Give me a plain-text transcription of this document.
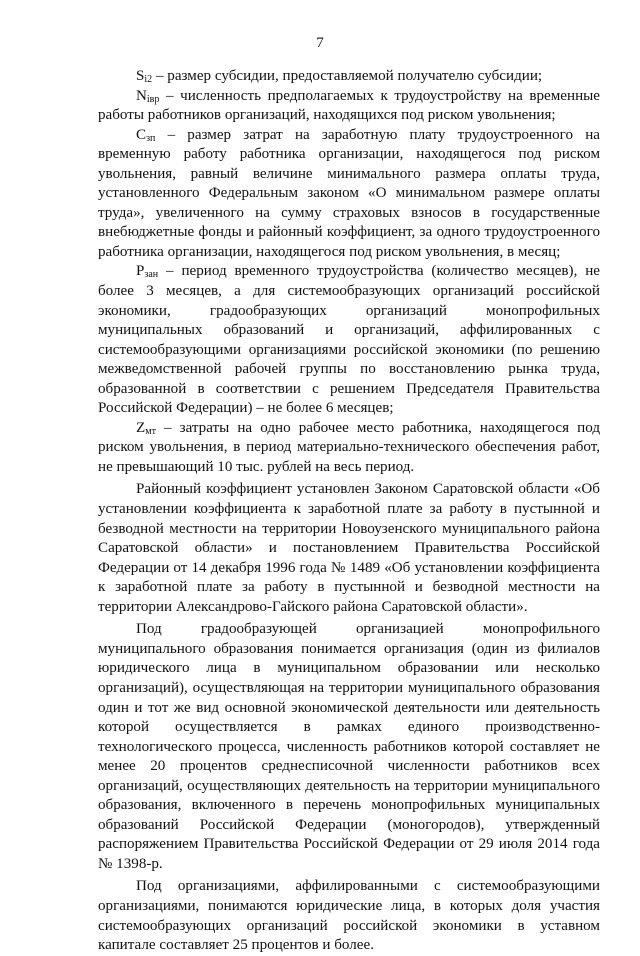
7

$S_{i2}$ – размер субсидии, предоставляемой получателю субсидии;

$N_{iвр}$ – численность предполагаемых к трудоустройству на временные работы работников организаций, находящихся под риском увольнения;

$C_{зп}$ – размер затрат на заработную плату трудоустроенного на временную работу работника организации, находящегося под риском увольнения, равный величине минимального размера оплаты труда, установленного Федеральным законом «О минимальном размере оплаты труда», увеличенного на сумму страховых взносов в государственные внебюджетные фонды и районный коэффициент, за одного трудоустроенного работника организации, находящегося под риском увольнения, в месяц;

$P_{зан}$ – период временного трудоустройства (количество месяцев), не более 3 месяцев, а для системообразующих организаций российской экономики, градообразующих организаций монопрофильных муниципальных образований и организаций, аффилированных с системообразующими организациями российской экономики (по решению межведомственной рабочей группы по восстановлению рынка труда, образованной в соответствии с решением Председателя Правительства Российской Федерации) – не более 6 месяцев;

$Z_{мт}$ – затраты на одно рабочее место работника, находящегося под риском увольнения, в период материально-технического обеспечения работ, не превышающий 10 тыс. рублей на весь период.

Районный коэффициент установлен Законом Саратовской области «Об установлении коэффициента к заработной плате за работу в пустынной и безводной местности на территории Новоузенского муниципального района Саратовской области» и постановлением Правительства Российской Федерации от 14 декабря 1996 года № 1489 «Об установлении коэффициента к заработной плате за работу в пустынной и безводной местности на территории Александрово-Гайского района Саратовской области».

Под градообразующей организацией монопрофильного муниципального образования понимается организация (один из филиалов юридического лица в муниципальном образовании или несколько организаций), осуществляющая на территории муниципального образования один и тот же вид основной экономической деятельности или деятельность которой осуществляется в рамках единого производственно-технологического процесса, численность работников которой составляет не менее 20 процентов среднесписочной численности работников всех организаций, осуществляющих деятельность на территории муниципального образования, включенного в перечень монопрофильных муниципальных образований Российской Федерации (моногородов), утвержденный распоряжением Правительства Российской Федерации от 29 июля 2014 года № 1398-р.

Под организациями, аффилированными с системообразующими организациями, понимаются юридические лица, в которых доля участия системообразующих организаций российской экономики в уставном капитале составляет 25 процентов и более.
